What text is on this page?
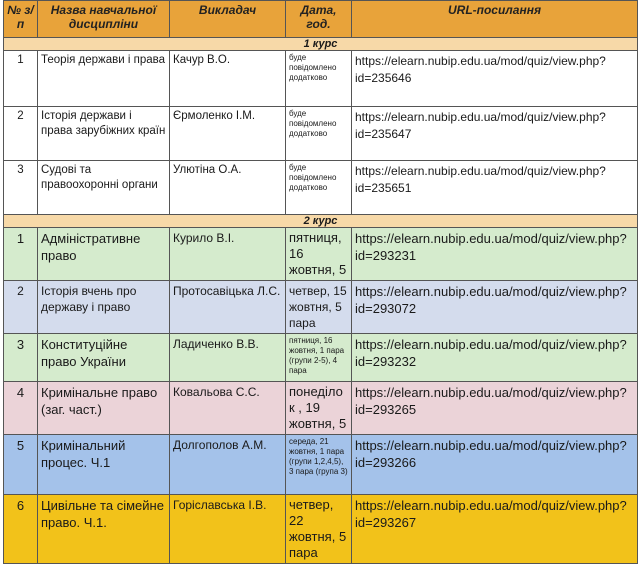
№ з/п	Назва навчальної дисципліни	Викладач	Дата, год.	URL-посилання
1 курс				
1	Теорія держави і права	Качур В.О.	буде повідомлено додатково	https://elearn.nubip.edu.ua/mod/quiz/view.php?id=235646
2	Історія держави і права зарубіжних країн	Єрмоленко І.М.	буде повідомлено додатково	https://elearn.nubip.edu.ua/mod/quiz/view.php?id=235647
3	Судові та правоохоронні органи	Улютіна О.А.	буде повідомлено додатково	https://elearn.nubip.edu.ua/mod/quiz/view.php?id=235651
2 курс				
1	Адміністративне право	Курило В.І.	пятниця, 16 жовтня, 5	https://elearn.nubip.edu.ua/mod/quiz/view.php?id=293231
2	Історія вчень про державу і право	Протосавіцька Л.С.	четвер, 15 жовтня, 5 пара	https://elearn.nubip.edu.ua/mod/quiz/view.php?id=293072
3	Конституційне право України	Ладиченко В.В.	пятниця, 16 жовтня, 1 пара (групи 2-5), 4 пара	https://elearn.nubip.edu.ua/mod/quiz/view.php?id=293232
4	Кримінальне право (заг. част.)	Ковальова С.С.	понеділок , 19 жовтня, 5	https://elearn.nubip.edu.ua/mod/quiz/view.php?id=293265
5	Кримінальний процес. Ч.1	Долгополов А.М.	середа, 21 жовтня, 1 пара (групи 1,2,4,5), 3 пара (група 3)	https://elearn.nubip.edu.ua/mod/quiz/view.php?id=293266
6	Цивільне та сімейне право. Ч.1.	Горіславська І.В.	четвер, 22 жовтня, 5 пара	https://elearn.nubip.edu.ua/mod/quiz/view.php?id=293267
